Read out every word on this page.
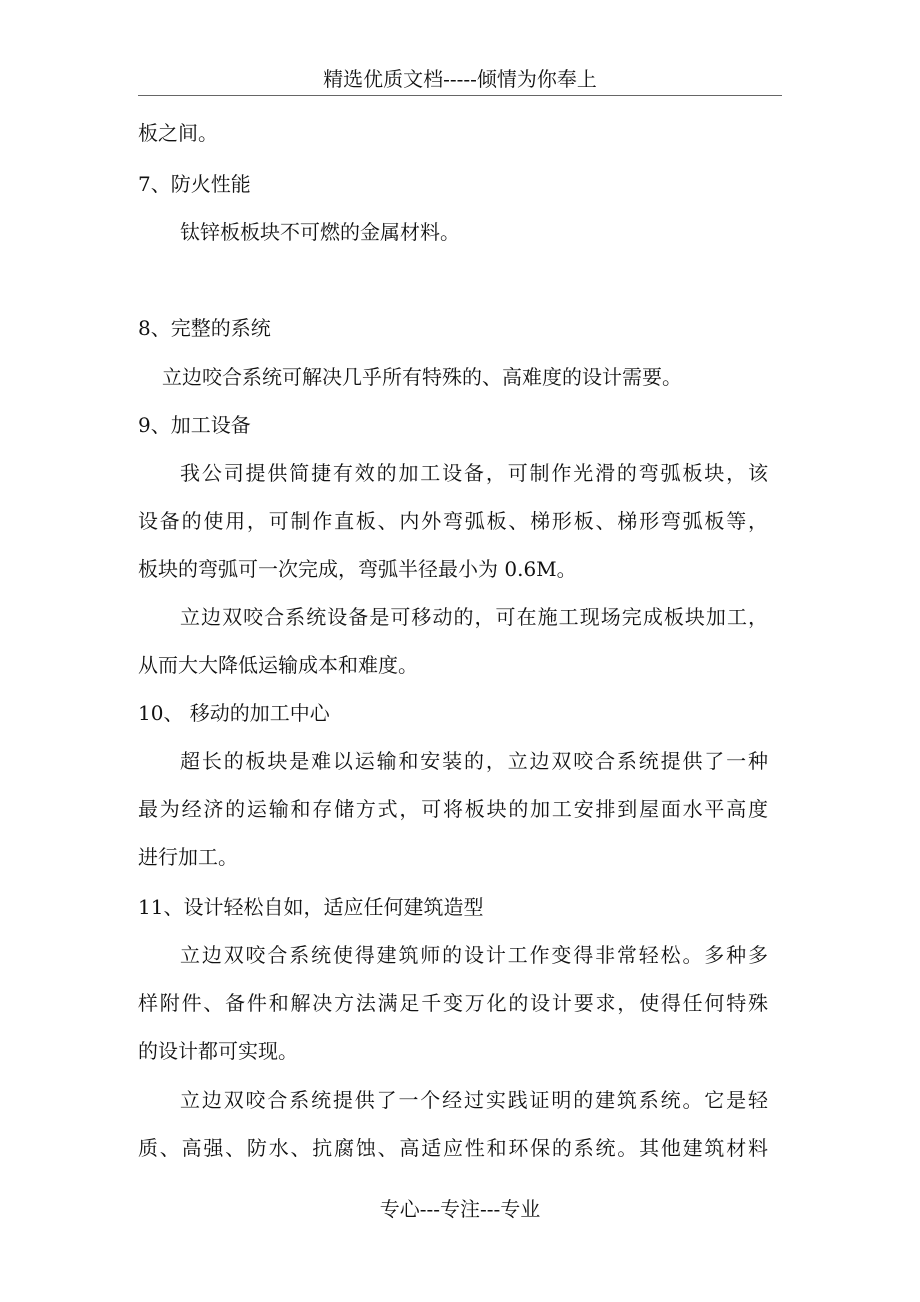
精选优质文档-----倾情为你奉上
板之间。
7、防火性能
钛锌板板块不可燃的金属材料。
8、完整的系统
立边咬合系统可解决几乎所有特殊的、高难度的设计需要。
9、加工设备
我公司提供简捷有效的加工设备，可制作光滑的弯弧板块，该
设备的使用，可制作直板、内外弯弧板、梯形板、梯形弯弧板等，
板块的弯弧可一次完成，弯弧半径最小为 0.6M。
立边双咬合系统设备是可移动的，可在施工现场完成板块加工，
从而大大降低运输成本和难度。
10、 移动的加工中心
超长的板块是难以运输和安装的，立边双咬合系统提供了一种
最为经济的运输和存储方式，可将板块的加工安排到屋面水平高度
进行加工。
11、设计轻松自如，适应任何建筑造型
立边双咬合系统使得建筑师的设计工作变得非常轻松。多种多
样附件、备件和解决方法满足千变万化的设计要求，使得任何特殊
的设计都可实现。
立边双咬合系统提供了一个经过实践证明的建筑系统。它是轻
质、高强、防水、抗腐蚀、高适应性和环保的系统。其他建筑材料
专心---专注---专业
